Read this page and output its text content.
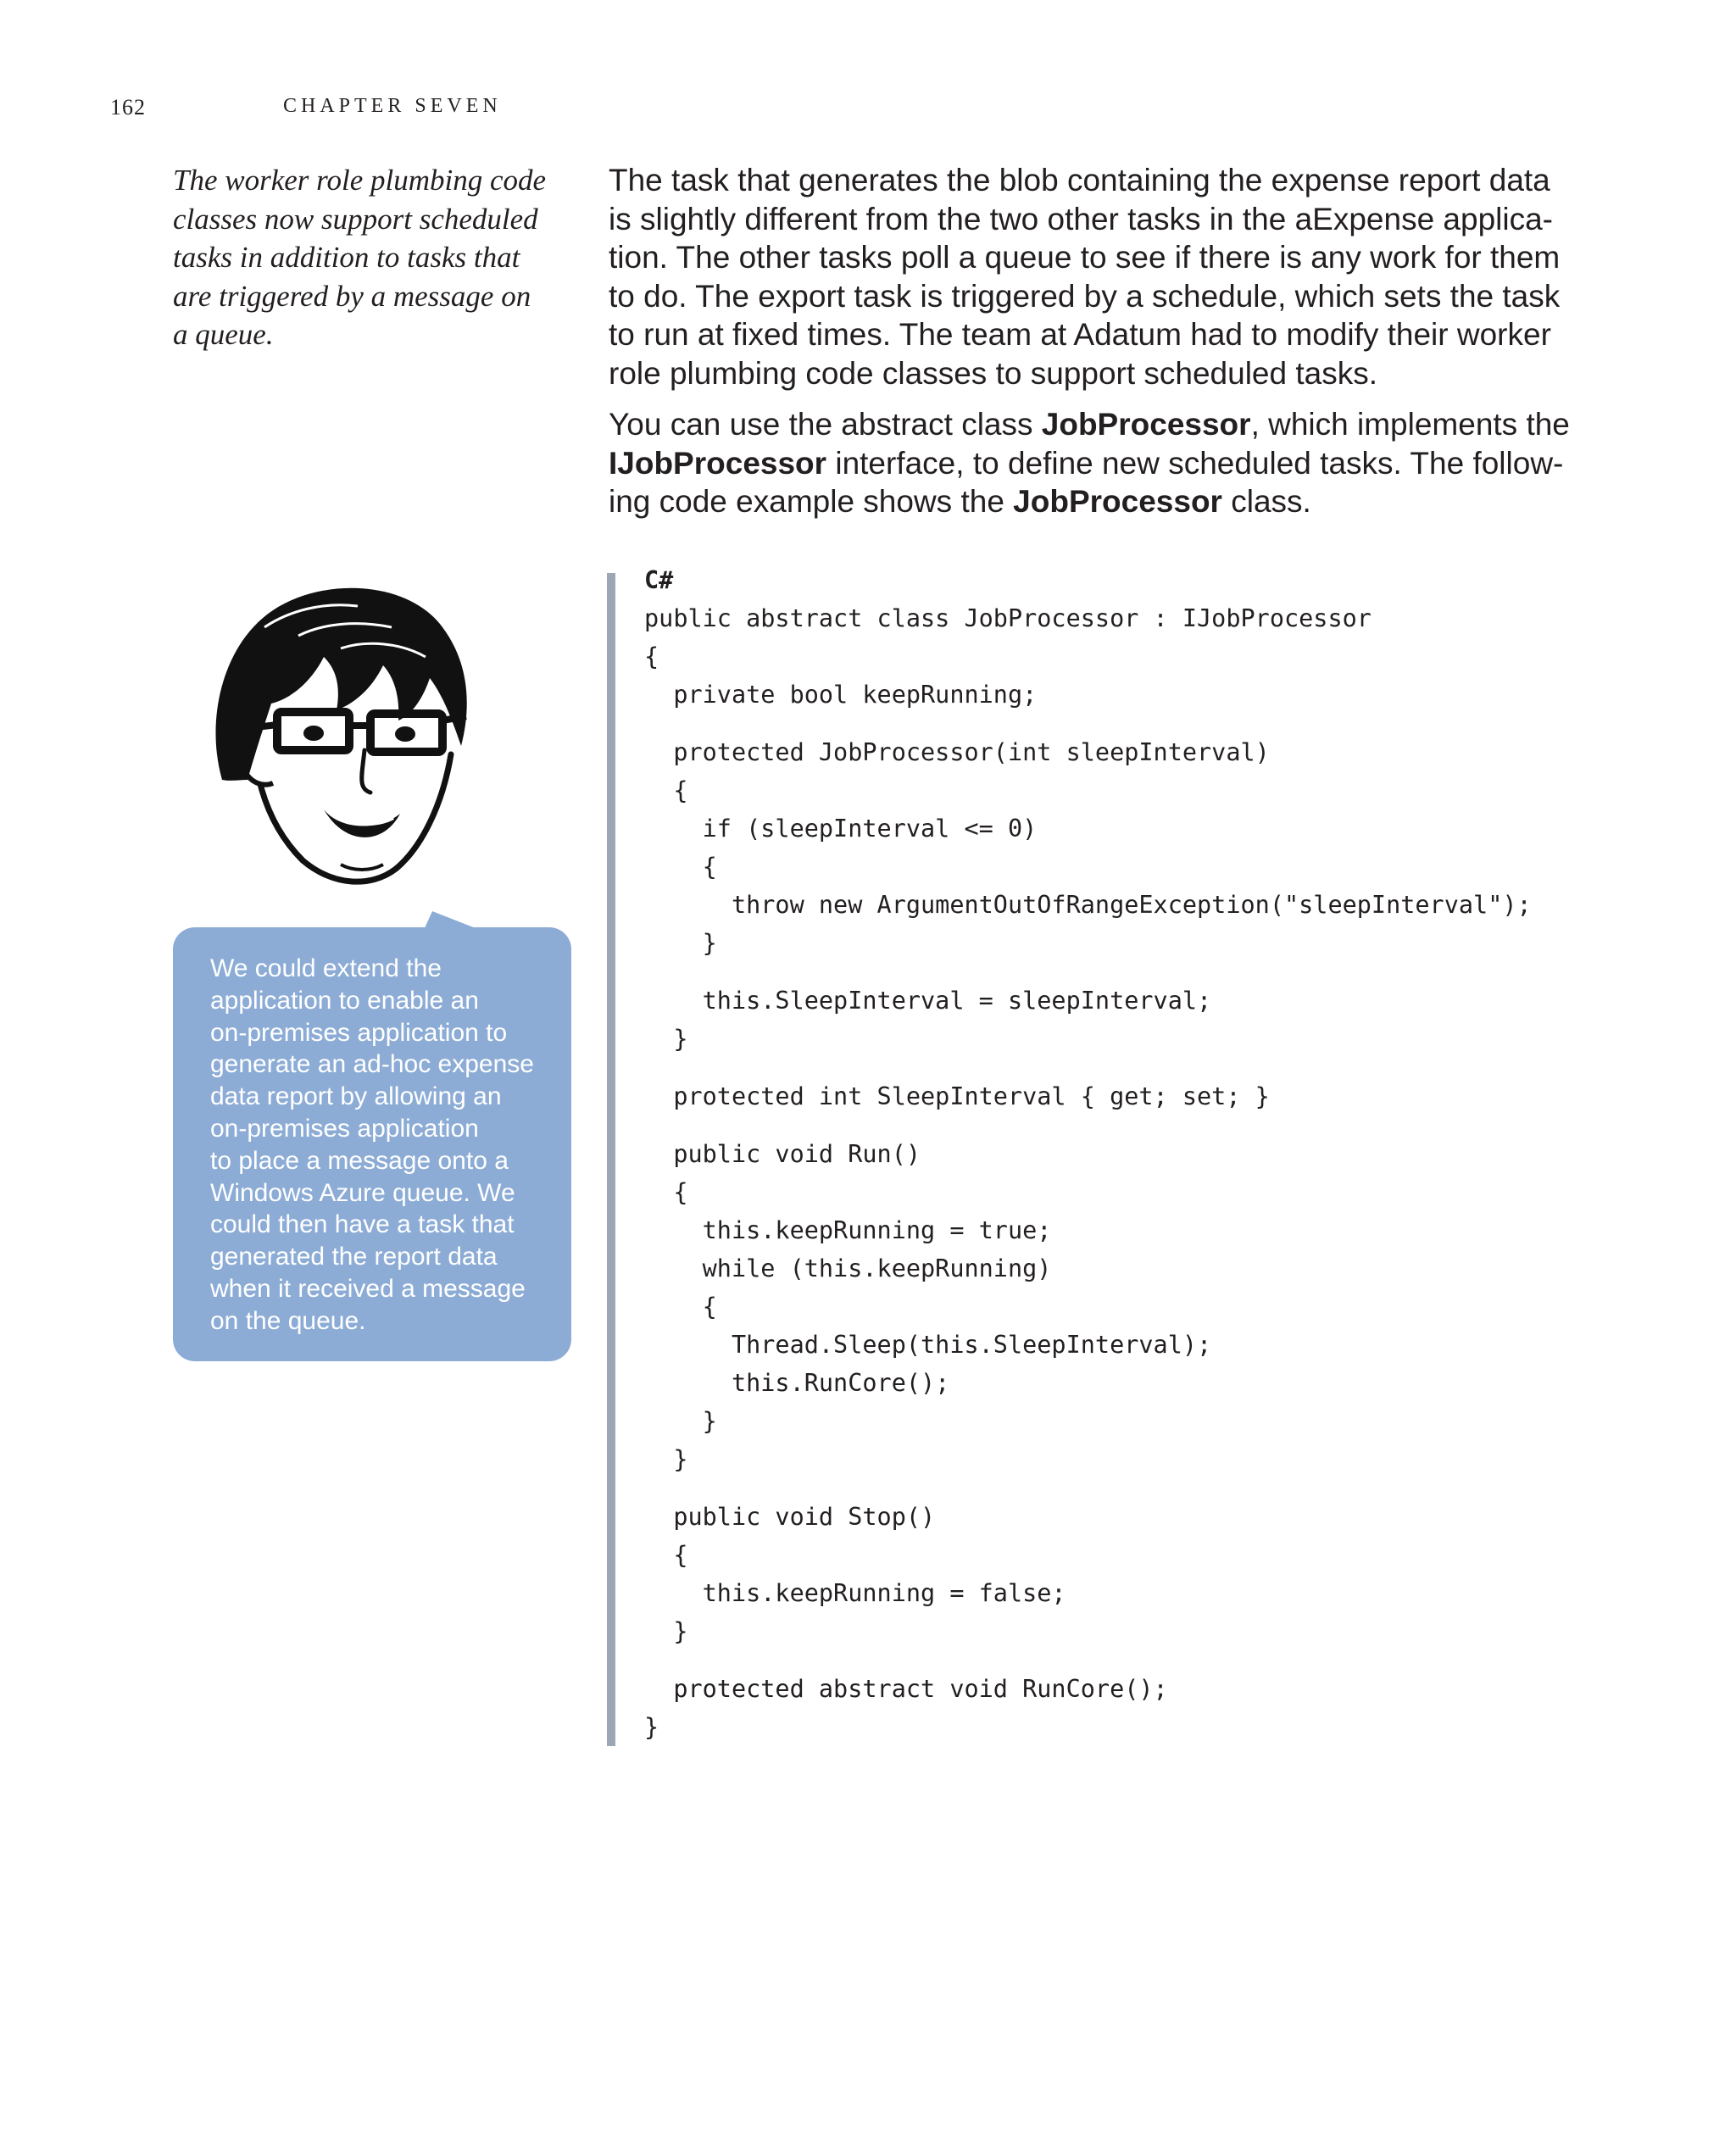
162	CHAPTER SEVEN
The worker role plumbing code
classes now support scheduled
tasks in addition to tasks that
are triggered by a message on
a queue.
The task that generates the blob containing the expense report data
is slightly different from the two other tasks in the aExpense applica-
tion. The other tasks poll a queue to see if there is any work for them
to do. The export task is triggered by a schedule, which sets the task
to run at fixed times. The team at Adatum had to modify their worker
role plumbing code classes to support scheduled tasks.
You can use the abstract class JobProcessor, which implements the
IJobProcessor interface, to define new scheduled tasks. The follow-
ing code example shows the JobProcessor class.
We could extend the
application to enable an
on-premises application to
generate an ad-hoc expense
data report by allowing an
on-premises application
to place a message onto a
Windows Azure queue. We
could then have a task that
generated the report data
when it received a message
on the queue.
C#
public abstract class JobProcessor : IJobProcessor
{
private bool keepRunning;
protected JobProcessor(int sleepInterval)
{
if (sleepInterval <= 0)
{
throw new ArgumentOutOfRangeException("sleepInterval");
}
this.SleepInterval = sleepInterval;
}
protected int SleepInterval { get; set; }
public void Run()
{
this.keepRunning = true;
while (this.keepRunning)
{
Thread.Sleep(this.SleepInterval);
this.RunCore();
}
}
public void Stop()
{
this.keepRunning = false;
}
protected abstract void RunCore();
}
